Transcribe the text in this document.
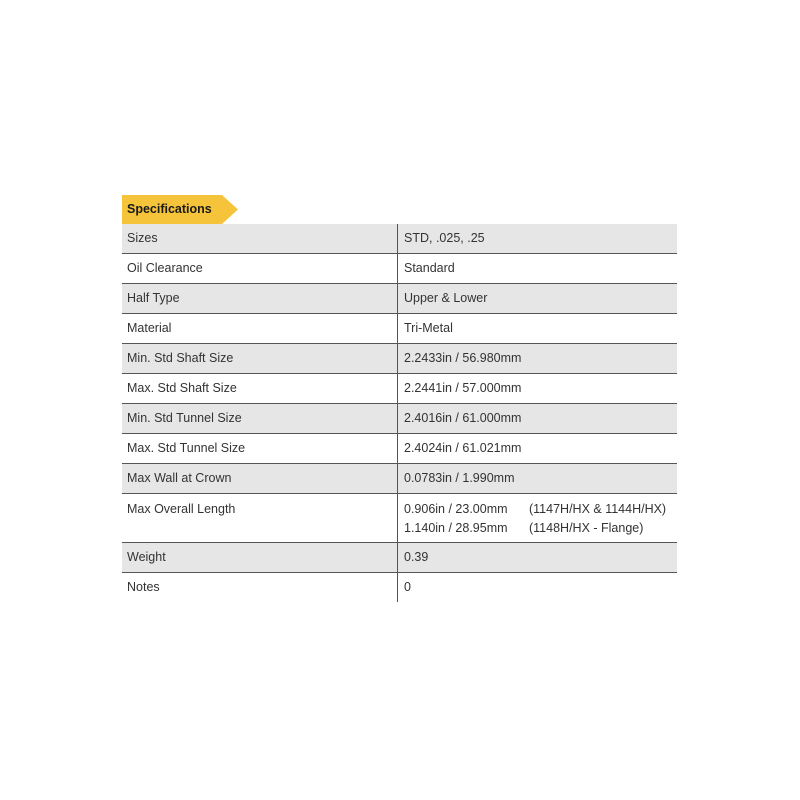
Specifications
Sizes	STD, .025, .25
Oil Clearance	Standard
Half Type	Upper & Lower
Material	Tri-Metal
Min. Std Shaft Size	2.2433in / 56.980mm
Max. Std Shaft Size	2.2441in / 57.000mm
Min. Std Tunnel Size	2.4016in / 61.000mm
Max. Std Tunnel Size	2.4024in / 61.021mm
Max Wall at Crown	0.0783in / 1.990mm
Max Overall Length	0.906in / 23.00mm	(1147H/HX & 1144H/HX)
1.140in / 28.95mm	(1148H/HX - Flange)
Weight	0.39
Notes	0
